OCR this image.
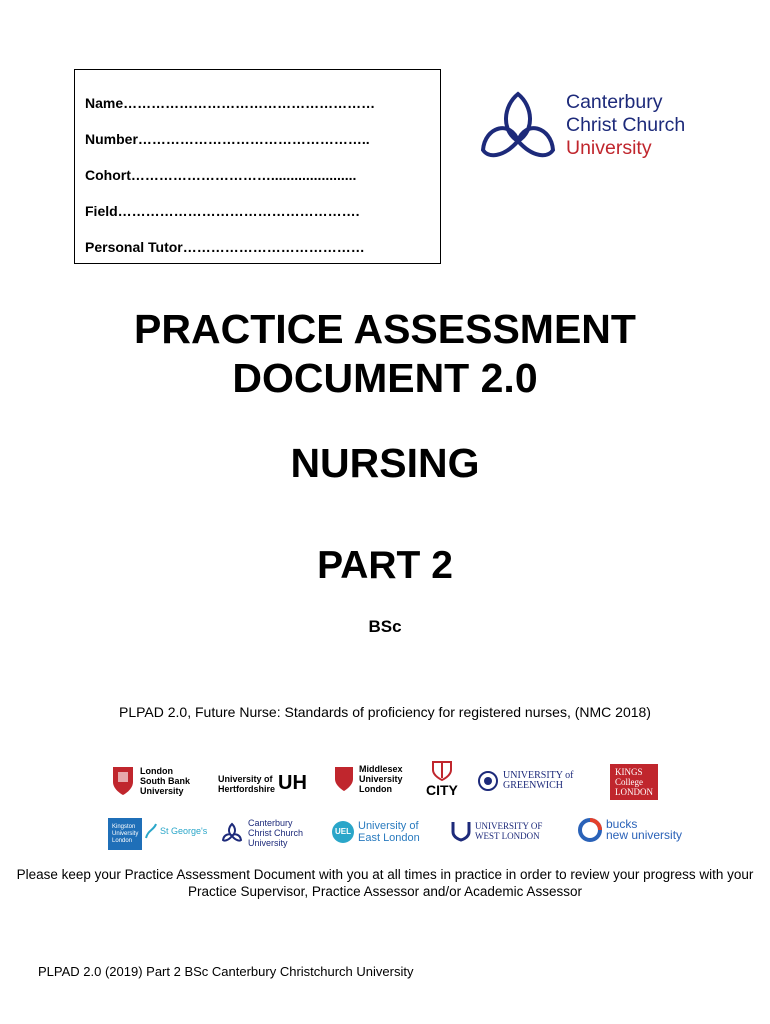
Name………………………………………………
Number…………………………………………..
Cohort…………………………......................
Field…………………………………………….
Personal Tutor…………………………………
Canterbury
Christ Church
University
PRACTICE ASSESSMENT
DOCUMENT 2.0
NURSING
PART 2
BSc
PLPAD 2.0, Future Nurse: Standards of proficiency for registered nurses, (NMC 2018)
London
South Bank
University
University of
Hertfordshire UH
Middlesex
University
London	CITY
UNIVERSITY of
GREENWICH
KINGS
College
LONDON
Kingston
University
London
St George's
Canterbury
Christ Church
University
UEL University of
East London
UNIVERSITY OF
WEST LONDON
bucks
new university
Please keep your Practice Assessment Document with you at all times in practice in order to review your progress with your Practice Supervisor, Practice Assessor and/or Academic Assessor
PLPAD 2.0 (2019) Part 2 BSc Canterbury Christchurch University
